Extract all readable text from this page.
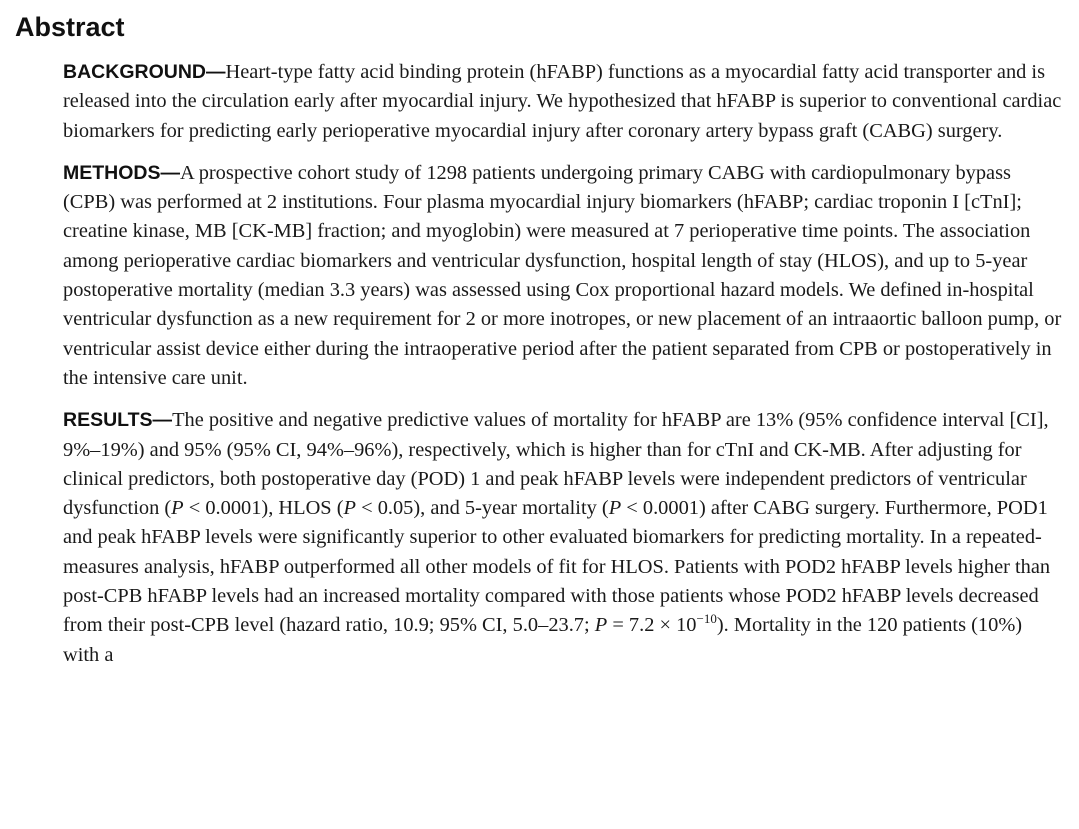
Abstract

BACKGROUND—Heart-type fatty acid binding protein (hFABP) functions as a myocardial fatty acid transporter and is released into the circulation early after myocardial injury. We hypothesized that hFABP is superior to conventional cardiac biomarkers for predicting early perioperative myocardial injury after coronary artery bypass graft (CABG) surgery.

METHODS—A prospective cohort study of 1298 patients undergoing primary CABG with cardiopulmonary bypass (CPB) was performed at 2 institutions. Four plasma myocardial injury biomarkers (hFABP; cardiac troponin I [cTnI]; creatine kinase, MB [CK-MB] fraction; and myoglobin) were measured at 7 perioperative time points. The association among perioperative cardiac biomarkers and ventricular dysfunction, hospital length of stay (HLOS), and up to 5-year postoperative mortality (median 3.3 years) was assessed using Cox proportional hazard models. We defined in-hospital ventricular dysfunction as a new requirement for 2 or more inotropes, or new placement of an intraaortic balloon pump, or ventricular assist device either during the intraoperative period after the patient separated from CPB or postoperatively in the intensive care unit.

RESULTS—The positive and negative predictive values of mortality for hFABP are 13% (95% confidence interval [CI], 9%–19%) and 95% (95% CI, 94%–96%), respectively, which is higher than for cTnI and CK-MB. After adjusting for clinical predictors, both postoperative day (POD) 1 and peak hFABP levels were independent predictors of ventricular dysfunction (P < 0.0001), HLOS (P < 0.05), and 5-year mortality (P < 0.0001) after CABG surgery. Furthermore, POD1 and peak hFABP levels were significantly superior to other evaluated biomarkers for predicting mortality. In a repeated-measures analysis, hFABP outperformed all other models of fit for HLOS. Patients with POD2 hFABP levels higher than post-CPB hFABP levels had an increased mortality compared with those patients whose POD2 hFABP levels decreased from their post-CPB level (hazard ratio, 10.9; 95% CI, 5.0–23.7; $P = 7.2 \times 10^{-10}$). Mortality in the 120 patients (10%) with a
